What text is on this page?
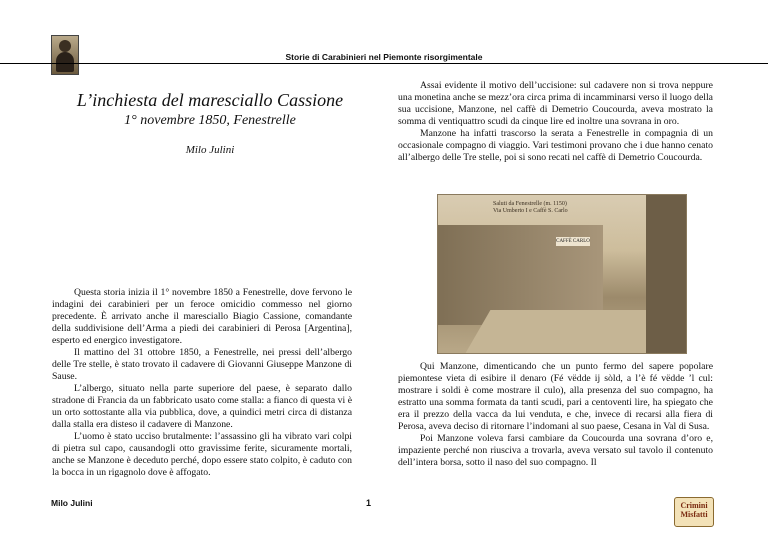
Storie di Carabinieri nel Piemonte risorgimentale
L’inchiesta del maresciallo Cassione
1° novembre 1850, Fenestrelle
Milo Julini

Questa storia inizia il 1° novembre 1850 a Fenestrelle, dove fervono le indagini dei carabinieri per un feroce omicidio commesso nel giorno precedente. È arrivato anche il maresciallo Biagio Cassione, comandante della suddivisione dell’Arma a piedi dei carabinieri di Perosa [Argentina], esperto ed energico investigatore.

Il mattino del 31 ottobre 1850, a Fenestrelle, nei pressi dell’albergo delle Tre stelle, è stato trovato il cadavere di Giovanni Giuseppe Manzone di Sause.

L’albergo, situato nella parte superiore del paese, è separato dallo stradone di Francia da un fabbricato usato come stalla: a fianco di questa vi è un orto sottostante alla via pubblica, dove, a quindici metri circa di distanza dalla stalla era disteso il cadavere di Manzone.

L’uomo è stato ucciso brutalmente: l’assassino gli ha vibrato vari colpi di pietra sul capo, causandogli otto gravissime ferite, sicuramente mortali, anche se Manzone è deceduto perché, dopo essere stato colpito, è caduto con la bocca in un rigagnolo dove è affogato.

Assai evidente il motivo dell’uccisione: sul cadavere non si trova neppure una monetina anche se mezz’ora circa prima di incamminarsi verso il luogo della sua uccisione, Manzone, nel caffè di Demetrio Coucourda, aveva mostrato la somma di ventiquattro scudi da cinque lire ed inoltre una sovrana in oro.

Manzone ha infatti trascorso la serata a Fenestrelle in compagnia di un occasionale compagno di viaggio. Vari testimoni provano che i due hanno cenato all’albergo delle Tre stelle, poi si sono recati nel caffè di Demetrio Coucourda.

Saluti da Fenestrelle (m. 1150)
Via Umberto I e Caffè S. Carlo
CAFFÈ CARLO

Qui Manzone, dimenticando che un punto fermo del sapere popolare piemontese vieta di esibire il denaro (Fé vëdde ij sòld, a l’è fé vëdde ’l cul: mostrare i soldi è come mostrare il culo), alla presenza del suo compagno, ha estratto una somma formata da tanti scudi, pari a centoventi lire, ha spiegato che era il prezzo della vacca da lui venduta, e che, invece di recarsi alla fiera di Perosa, aveva deciso di ritornare l’indomani al suo paese, Cesana in Val di Susa.

Poi Manzone voleva farsi cambiare da Coucourda una sovrana d’oro e, impaziente perché non riusciva a trovarla, aveva versato sul tavolo il contenuto dell’intera borsa, sotto il naso del suo compagno. Il

Milo Julini	1	Crimini
Misfatti
